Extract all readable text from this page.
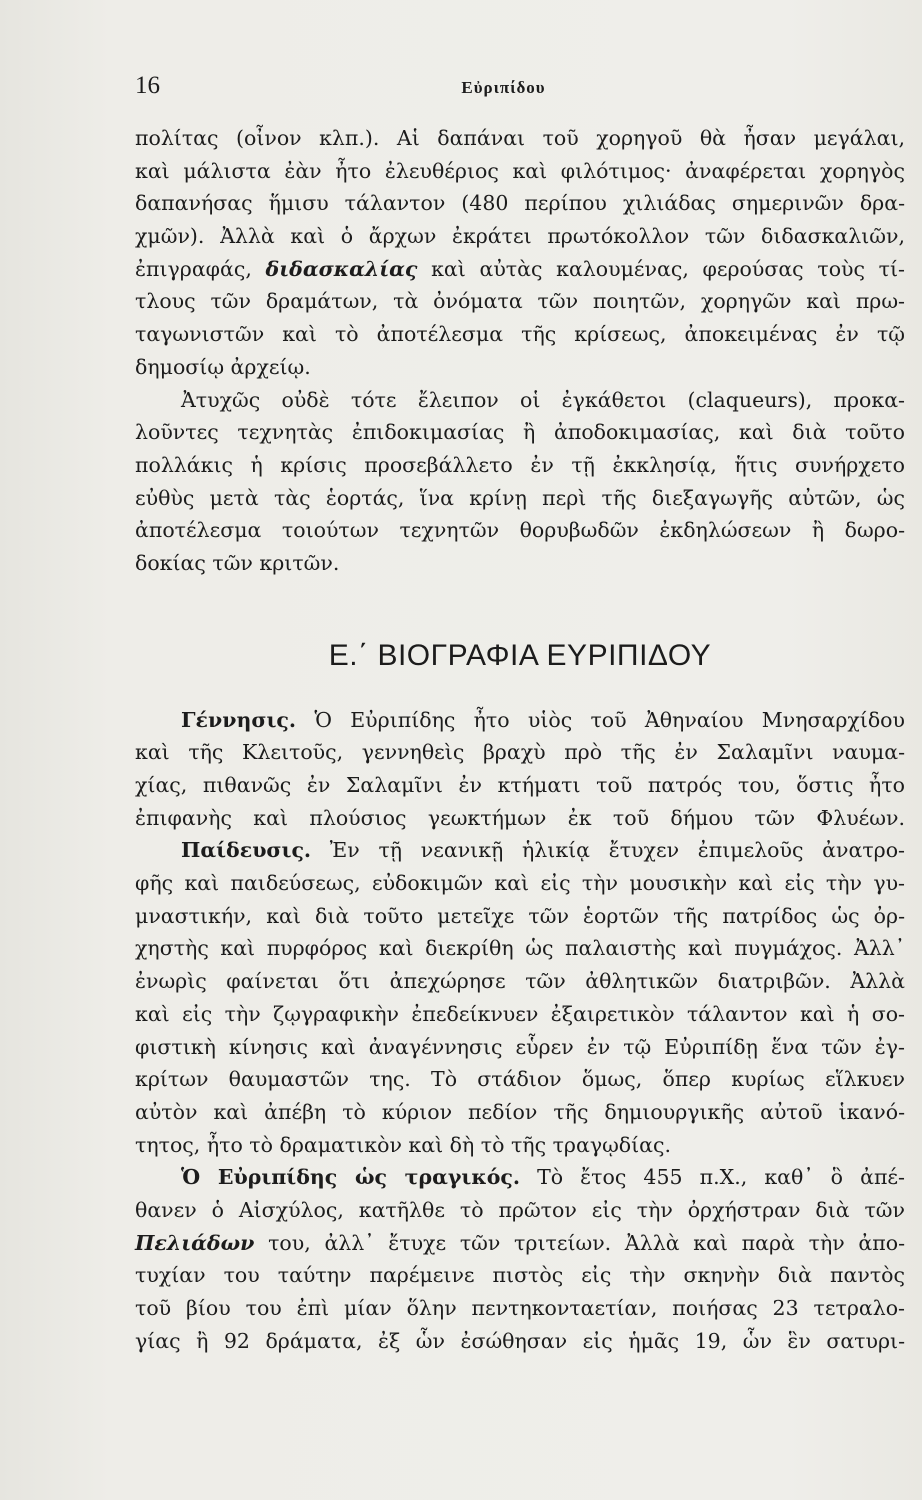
16	Εὐριπίδου
πολίτας (οἶνον κλπ.). Αἱ δαπάναι τοῦ χορηγοῦ θὰ ἦσαν μεγάλαι,
καὶ μάλιστα ἐὰν ἦτο ἐλευθέριος καὶ φιλότιμος· ἀναφέρεται χορηγὸς
δαπανήσας ἥμισυ τάλαντον (480 περίπου χιλιάδας σημερινῶν δρα-
χμῶν). Ἀλλὰ καὶ ὁ ἄρχων ἐκράτει πρωτόκολλον τῶν διδασκαλιῶν,
ἐπιγραφάς, διδασκαλίας καὶ αὐτὰς καλουμένας, φερούσας τοὺς τί-
τλους τῶν δραμάτων, τὰ ὀνόματα τῶν ποιητῶν, χορηγῶν καὶ πρω-
ταγωνιστῶν καὶ τὸ ἀποτέλεσμα τῆς κρίσεως, ἀποκειμένας ἐν τῷ
δημοσίῳ ἀρχείῳ.
Ἀτυχῶς οὐδὲ τότε ἔλειπον οἱ ἐγκάθετοι (claqueurs), προκα-
λοῦντες τεχνητὰς ἐπιδοκιμασίας ἢ ἀποδοκιμασίας, καὶ διὰ τοῦτο
πολλάκις ἡ κρίσις προσεβάλλετο ἐν τῇ ἐκκλησίᾳ, ἥτις συνήρχετο
εὐθὺς μετὰ τὰς ἑορτάς, ἵνα κρίνῃ περὶ τῆς διεξαγωγῆς αὐτῶν, ὡς
ἀποτέλεσμα τοιούτων τεχνητῶν θορυβωδῶν ἐκδηλώσεων ἢ δωρο-
δοκίας τῶν κριτῶν.
Ε.΄ ΒΙΟΓΡΑΦΙΑ ΕΥΡΙΠΙΔΟΥ
Γέννησις. Ὁ Εὐριπίδης ἦτο υἱὸς τοῦ Ἀθηναίου Μνησαρχίδου
καὶ τῆς Κλειτοῦς, γεννηθεὶς βραχὺ πρὸ τῆς ἐν Σαλαμῖνι ναυμα-
χίας, πιθανῶς ἐν Σαλαμῖνι ἐν κτήματι τοῦ πατρός του, ὅστις ἦτο
ἐπιφανὴς καὶ πλούσιος γεωκτήμων ἐκ τοῦ δήμου τῶν Φλυέων.
Παίδευσις. Ἐν τῇ νεανικῇ ἡλικίᾳ ἔτυχεν ἐπιμελοῦς ἀνατρο-
φῆς καὶ παιδεύσεως, εὐδοκιμῶν καὶ εἰς τὴν μουσικὴν καὶ εἰς τὴν γυ-
μναστικήν, καὶ διὰ τοῦτο μετεῖχε τῶν ἑορτῶν τῆς πατρίδος ὡς ὀρ-
χηστὴς καὶ πυρφόρος καὶ διεκρίθη ὡς παλαιστὴς καὶ πυγμάχος. Ἀλλ᾽
ἐνωρὶς φαίνεται ὅτι ἀπεχώρησε τῶν ἀθλητικῶν διατριβῶν. Ἀλλὰ
καὶ εἰς τὴν ζῳγραφικὴν ἐπεδείκνυεν ἐξαιρετικὸν τάλαντον καὶ ἡ σο-
φιστικὴ κίνησις καὶ ἀναγέννησις εὗρεν ἐν τῷ Εὐριπίδῃ ἕνα τῶν ἐγ-
κρίτων θαυμαστῶν της. Τὸ στάδιον ὅμως, ὅπερ κυρίως εἵλκυεν
αὐτὸν καὶ ἀπέβη τὸ κύριον πεδίον τῆς δημιουργικῆς αὐτοῦ ἱκανό-
τητος, ἦτο τὸ δραματικὸν καὶ δὴ τὸ τῆς τραγῳδίας.
Ὁ Εὐριπίδης ὡς τραγικός. Τὸ ἔτος 455 π.Χ., καθ᾽ ὃ ἀπέ-
θανεν ὁ Αἰσχύλος, κατῆλθε τὸ πρῶτον εἰς τὴν ὀρχήστραν διὰ τῶν
Πελιάδων του, ἀλλ᾽ ἔτυχε τῶν τριτείων. Ἀλλὰ καὶ παρὰ τὴν ἀπο-
τυχίαν του ταύτην παρέμεινε πιστὸς εἰς τὴν σκηνὴν διὰ παντὸς
τοῦ βίου του ἐπὶ μίαν ὅλην πεντηκονταετίαν, ποιήσας 23 τετραλο-
γίας ἢ 92 δράματα, ἐξ ὧν ἐσώθησαν εἰς ἡμᾶς 19, ὧν ἓν σατυρι-
